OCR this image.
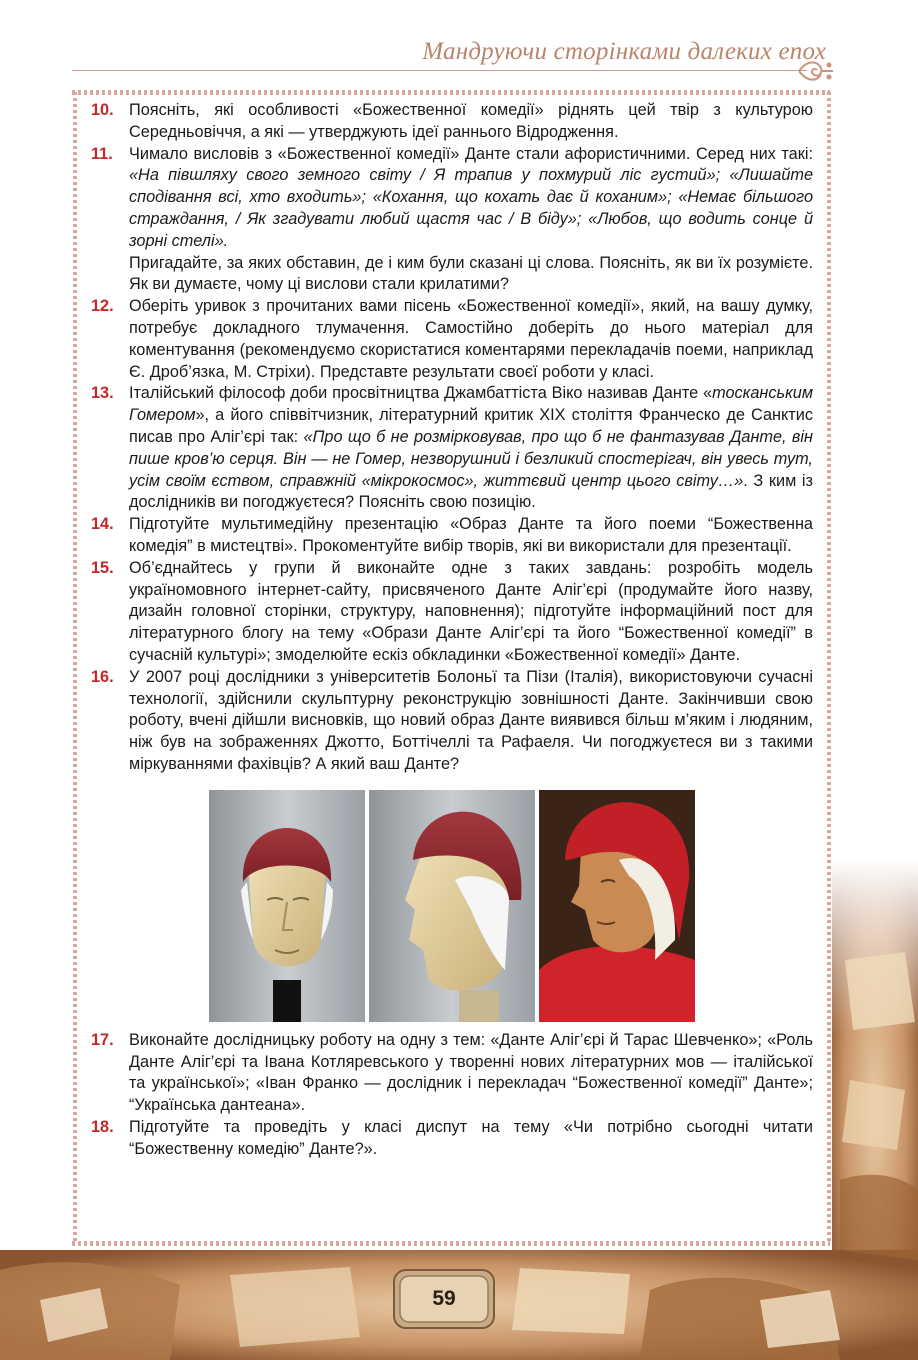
Мандруючи сторінками далеких епох
10. Поясніть, які особливості «Божественної комедії» ріднять цей твір з культурою Середньовіччя, а які — утверджують ідеї раннього Відродження.
11. Чимало висловів з «Божественної комедії» Данте стали афористичними. Серед них такі: «На півшляху свого земного світу / Я трапив у похмурий ліс густий»; «Лишайте сподівання всі, хто входить»; «Кохання, що кохать дає й коханим»; «Немає більшого страждання, / Як згадувати любий щастя час / В біду»; «Любов, що водить сонце й зорні стелі».
Пригадайте, за яких обставин, де і ким були сказані ці слова. Поясніть, як ви їх розумієте. Як ви думаєте, чому ці вислови стали крилатими?
12. Оберіть уривок з прочитаних вами пісень «Божественної комедії», який, на вашу думку, потребує докладного тлумачення. Самостійно доберіть до нього матеріал для коментування (рекомендуємо скористатися коментарями перекладачів поеми, наприклад Є. Дроб’язка, М. Стріхи). Представте результати своєї роботи у класі.
13. Італійський філософ доби просвітництва Джамбаттіста Віко називав Данте «тосканським Гомером», а його співвітчизник, літературний критик XIX століття Франческо де Санктис писав про Аліг’єрі так: «Про що б не розмірковував, про що б не фантазував Данте, він пише кров’ю серця. Він — не Гомер, незворушний і безликий спостерігач, він увесь тут, усім своїм єством, справжній «мікрокосмос», життєвий центр цього світу…». З ким із дослідників ви погоджуєтеся? Поясніть свою позицію.
14. Підготуйте мультимедійну презентацію «Образ Данте та його поеми “Божественна комедія” в мистецтві». Прокоментуйте вибір творів, які ви використали для презентації.
15. Об’єднайтесь у групи й виконайте одне з таких завдань: розробіть модель україномовного інтернет-сайту, присвяченого Данте Аліг’єрі (продумайте його назву, дизайн головної сторінки, структуру, наповнення); підготуйте інформаційний пост для літературного блогу на тему «Образи Данте Аліг’єрі та його “Божественної комедії” в сучасній культурі»; змоделюйте ескіз обкладинки «Божественної комедії» Данте.
16. У 2007 році дослідники з університетів Болоньї та Пізи (Італія), використовуючи сучасні технології, здійснили скульптурну реконструкцію зовнішності Данте. Закінчивши свою роботу, вчені дійшли висновків, що новий образ Данте виявився більш м’яким і людяним, ніж був на зображеннях Джотто, Боттічеллі та Рафаеля. Чи погоджуєтеся ви з такими міркуваннями фахівців? А який ваш Данте?
17. Виконайте дослідницьку роботу на одну з тем: «Данте Аліг’єрі й Тарас Шевченко»; «Роль Данте Аліг’єрі та Івана Котляревського у творенні нових літературних мов — італійської та української»; «Іван Франко — дослідник і перекладач “Божественної комедії” Данте»; “Українська дантеана».
18. Підготуйте та проведіть у класі диспут на тему «Чи потрібно сьогодні читати “Божественну комедію” Данте?».
59
